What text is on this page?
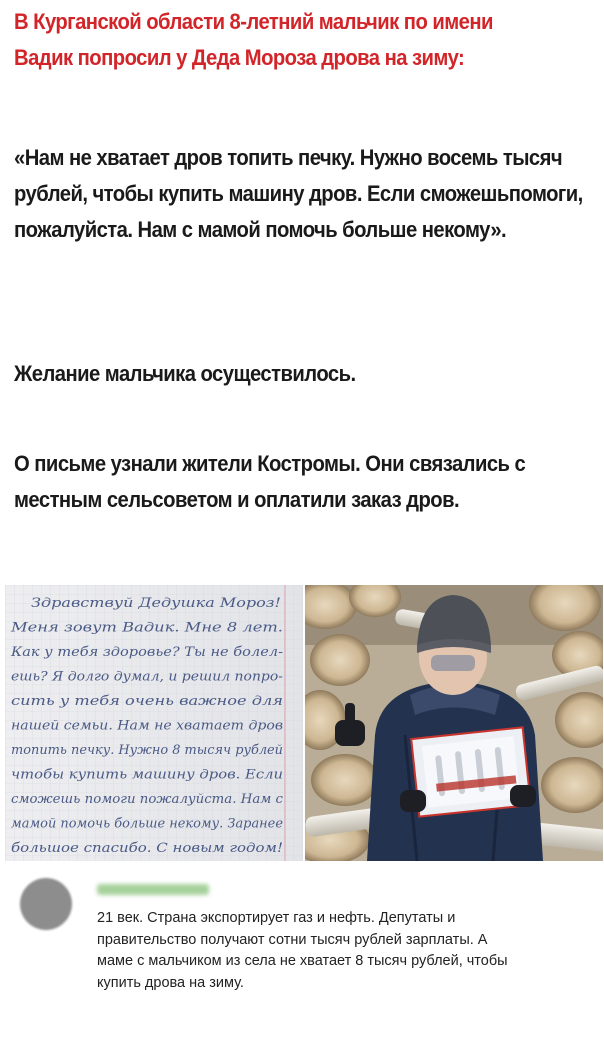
В Курганской области 8-летний мальчик по имени Вадик попросил у Деда Мороза дрова на зиму:

«Нам не хватает дров топить печку. Нужно восемь тысяч рублей, чтобы купить машину дров. Если сможешьпомоги, пожалуйста. Нам с мамой помочь больше некому».

Желание мальчика осуществилось.

О письме узнали жители Костромы. Они связались с местным сельсоветом и оплатили заказ дров.

Здравствуй Дедушка Мороз!
Меня зовут Вадик. Мне 8 лет.
Как у тебя здоровье? Ты не болел-
ешь? Я долго думал, и решил попро-
сить у тебя очень важное для
нашей семьи. Нам не хватает дров
топить печку. Нужно 8 тысяч рублей
чтобы купить машину дров. Если
сможешь помоги пожалуйста. Нам с
мамой помочь больше некому. Заранее
большое спасибо. С новым годом!

21 век. Страна экспортирует газ и нефть. Депутаты и правительство получают сотни тысяч рублей зарплаты. А маме с мальчиком из села не хватает 8 тысяч рублей, чтобы купить дрова на зиму.
